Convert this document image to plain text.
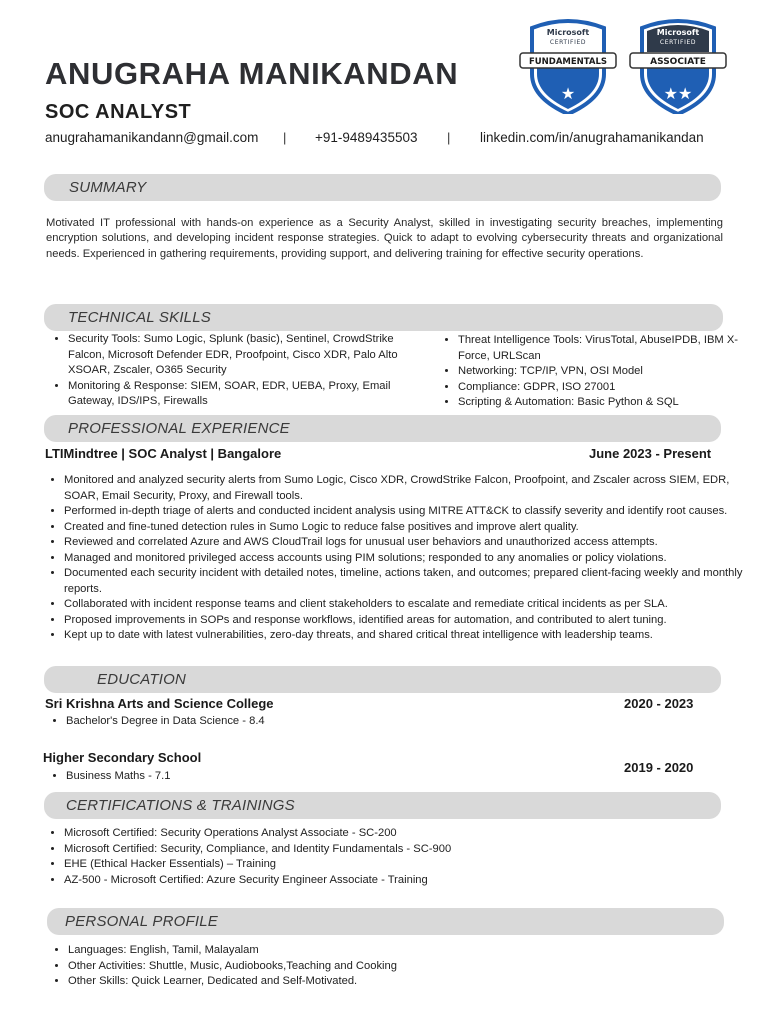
ANUGRAHA MANIKANDAN
SOC ANALYST
anugrahamanikandann@gmail.com | +91-9489435503 | linkedin.com/in/anugrahamanikandan
Microsoft
CERTIFIED
FUNDAMENTALS
★
Microsoft
CERTIFIED
ASSOCIATE
★★
SUMMARY

Motivated IT professional with hands-on experience as a Security Analyst, skilled in investigating security breaches, implementing encryption solutions, and developing incident response strategies. Quick to adapt to evolving cybersecurity threats and organizational needs. Experienced in gathering requirements, providing support, and delivering training for effective security operations.

TECHNICAL SKILLS
• Security Tools: Sumo Logic, Splunk (basic), Sentinel, CrowdStrike Falcon, Microsoft Defender EDR, Proofpoint, Cisco XDR, Palo Alto XSOAR, Zscaler, O365 Security
• Monitoring & Response: SIEM, SOAR, EDR, UEBA, Proxy, Email Gateway, IDS/IPS, Firewalls
• Threat Intelligence Tools: VirusTotal, AbuseIPDB, IBM X-Force, URLScan
• Networking: TCP/IP, VPN, OSI Model
• Compliance: GDPR, ISO 27001
• Scripting & Automation: Basic Python & SQL
PROFESSIONAL EXPERIENCE
LTIMindtree | SOC Analyst | Bangalore	June 2023 - Present
• Monitored and analyzed security alerts from Sumo Logic, Cisco XDR, CrowdStrike Falcon, Proofpoint, and Zscaler across SIEM, EDR, SOAR, Email Security, Proxy, and Firewall tools.
• Performed in-depth triage of alerts and conducted incident analysis using MITRE ATT&CK to classify severity and identify root causes.
• Created and fine-tuned detection rules in Sumo Logic to reduce false positives and improve alert quality.
• Reviewed and correlated Azure and AWS CloudTrail logs for unusual user behaviors and unauthorized access attempts.
• Managed and monitored privileged access accounts using PIM solutions; responded to any anomalies or policy violations.
• Documented each security incident with detailed notes, timeline, actions taken, and outcomes; prepared client-facing weekly and monthly reports.
• Collaborated with incident response teams and client stakeholders to escalate and remediate critical incidents as per SLA.
• Proposed improvements in SOPs and response workflows, identified areas for automation, and contributed to alert tuning.
• Kept up to date with latest vulnerabilities, zero-day threats, and shared critical threat intelligence with leadership teams.
EDUCATION
Sri Krishna Arts and Science College	2020 - 2023
• Bachelor's Degree in Data Science - 8.4
Higher Secondary School
2019 - 2020
• Business Maths - 7.1
CERTIFICATIONS & TRAININGS
• Microsoft Certified: Security Operations Analyst Associate - SC-200
• Microsoft Certified: Security, Compliance, and Identity Fundamentals - SC-900
• EHE (Ethical Hacker Essentials) – Training
• AZ-500 - Microsoft Certified: Azure Security Engineer Associate - Training
PERSONAL PROFILE
• Languages: English, Tamil, Malayalam
• Other Activities: Shuttle, Music, Audiobooks,Teaching and Cooking
• Other Skills: Quick Learner, Dedicated and Self-Motivated.
